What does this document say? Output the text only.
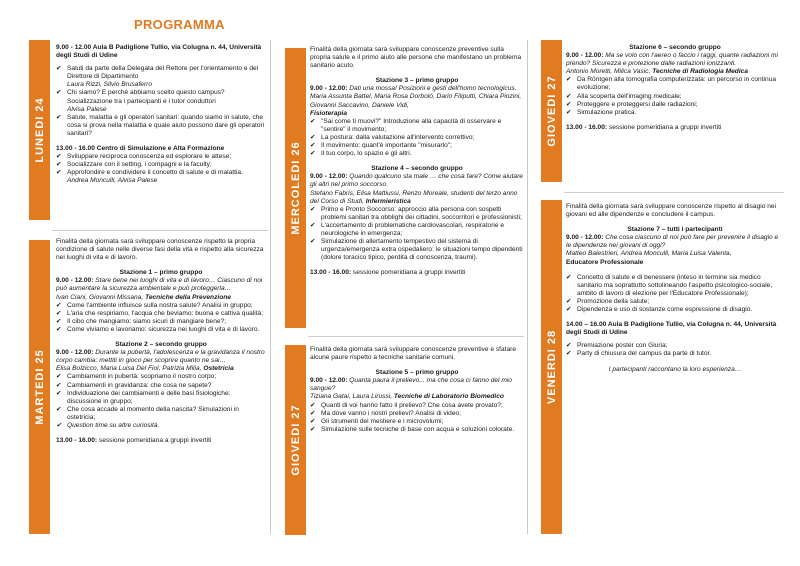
PROGRAMMA
LUNEDI 24
MARTEDI 25
MERCOLEDI 26
GIOVEDI 27
GIOVEDI 27
VENERDI 28

9.00 - 12.00 Aula B Padiglione Tullio, via Colugna n. 44, Università degli Studi di Udine

✔ Saluti da parte della Delegata del Rettore per l'orientamento e del Direttore di Dipartimento
Laura Rizzi, Silvio Brusaferro
✔ Chi siamo? E perché abbiamo scelto questo campus? Socializzazione tra i partecipanti e i tutor conduttori
Alvisa Palese
✔ Salute, malattia e gli operatori sanitari: quando siamo in salute, che cosa si prova nella malattia e quale aiuto possono dare gli operatori sanitari?

13.00 - 16.00 Centro di Simulazione e Alta Formazione

✔ Sviluppare reciproca conoscenza ed esplorare le attese;
✔ Socializzare con il setting, i compagni e la faculty;
✔ Approfondire e condividere il concetto di salute e di malattia.
Andrea Monculli, Alvisa Palese

Finalità della giornata sarà sviluppare conoscenze rispetto la propria condizione di salute nelle diverse fasi della vita e rispetto alla sicurezza nei luoghi di vita e di lavoro.

Stazione 1 – primo gruppo

9.00 - 12.00: Stare bene nei luoghi di vita e di lavoro… Ciascuno di noi può aumentare la sicurezza ambientale e può proteggerla…

Ivan Ciani, Giovanni Missana, Tecniche della Prevenzione

✔ Come l'ambiente influisce sulla nostra salute? Analisi in gruppo;
✔ L'aria che respiriamo, l'acqua che beviamo: buona e cattiva qualità;
✔ Il cibo che mangiamo: siamo sicuri di mangiare bene?;
✔ Come viviamo e lavoriamo: sicurezza nei luoghi di vita e di lavoro.

Stazione 2 – secondo gruppo

9.00 - 12.00: Durante la pubertà, l'adolescenza e la gravidanza il nostro corpo cambia: mettiti in gioco per scoprire quanto ne sai…

Elisa Bolzicco, Maria Luisa Del Fiol, Patrizia Milia, Ostetricia

✔ Cambiamenti in pubertà: scopriamo il nostro corpo;
✔ Cambiamenti in gravidanza: che cosa ne sapete?
✔ Individuazione dei cambiamenti e delle basi fisiologiche: discussione in gruppo;
✔ Che cosa accade al momento della nascita? Simulazioni in ostetricia;
✔ Question time su altre curiosità.

13.00 - 16.00: sessione pomeridiana a gruppi invertiti

Finalità della giornata sarà sviluppare conoscenze preventive sulla propria salute e il primo aiuto alle persone che manifestano un problema sanitario acuto.

Stazione 3 – primo gruppo

9.00 - 12.00: Dati una mossa! Posizioni e gesti dell'homo tecnologicus.

Maria Assunta Battel, Maria Rosa Dorboló, Dario Filiputti, Chiara Pinzini, Giovanni Saccavino, Daniele Vidi,

Fisioterapia

✔ "Sai come ti muovi?" Introduzione alla capacità di osservare e "sentire" il movimento;
✔ La postura: dalla valutazione all'intervento correttivo;
✔ Il movimento: quant'è importante "misurarlo";
✔ Il tuo corpo, lo spazio e gli altri.

Stazione 4 – secondo gruppo

9.00 - 12.00: Quando qualcuno sta male … che cosa fare? Come aiutare gli altri nel primo soccorso.

Stefano Fabris, Elisa Mattiussi, Renzo Moreale, studenti del terzo anno del Corso di Studi, Infermieristica

✔ Primo e Pronto Soccorso: approccio alla persona con sospetti problemi sanitari tra obblighi dei cittadini, soccorritori e professionisti;
✔ L'accertamento di problematiche cardiovascolari, respiratorie e neurologiche in emergenza;
✔ Simulazione di allertamento tempestivo del sistema di urgenza/emergenza extra ospedaliero: le situazioni tempo dipendenti (dolore toracico tipico, perdita di conoscenza, traumi).

13.00 - 16.00: sessione pomeridiana a gruppi invertiti

Finalità della giornata sarà sviluppare conoscenze preventive e sfatare alcune paure rispetto a tecniche sanitarie comuni.

Stazione 5 – primo gruppo

9.00 - 12.00: Quanta paura il prelievo... ma che cosa ci fanno del mio sangue?

Tiziana Gatai, Laura Lirussi, Tecniche di Laboratorio Biomedico

✔ Quanti di voi hanno fatto il prelievo? Che cosa avete provato?;
✔ Ma dove vanno i nostri prelievi? Analisi di video;
✔ Gli strumenti del mestiere e i microvolumi;
✔ Simulazione sulle tecniche di base con acqua e soluzioni colorate.

Stazione 6 – secondo gruppo

9.00 - 12.00: Ma se volo con l'aereo o faccio i raggi, quante radiazioni mi prendo? Sicurezza e protezione dalle radiazioni ionizzanti.

Antonio Moretti, Milica Vasic, Tecniche di Radiologia Medica

✔ Da Röntgen alla tomografia computerizzata: un percorso in continua evoluzione;
✔ Alla scoperta dell'imaging medicale;
✔ Proteggere e proteggersi dalle radiazioni;
✔ Simulazione pratica.

13.00 - 16.00: sessione pomeridiana a gruppi invertiti

Finalità della giornata sarà sviluppare conoscenze rispetto al disagio nei giovani ed alle dipendenze e concludere il campus.

Stazione 7 – tutti i partecipanti

9.00 - 12.00: Che cosa ciascuno di noi può fare per prevenire il disagio e le dipendenze nei giovani di oggi?

Matteo Balestrieri, Andrea Monculli, Maria Luisa Valenta,

Educatore Professionale

✔ Concetto di salute e di benessere (inteso in termine sia medico sanitario ma soprattutto sottolineando l'aspetto psicologico-sociale, ambito di lavoro di elezione per l'Educatore Professionale);
✔ Promozione della salute;
✔ Dipendenza e uso di sostanze come espressione di disagio.

14.00 – 16.00 Aula B Padiglione Tullio, via Colugna n. 44, Università degli Studi di Udine

✔ Premiazione poster con Giuria;
✔ Party di chiusura del campus da parte di tutor.

I partecipanti raccontano la loro esperienza…
